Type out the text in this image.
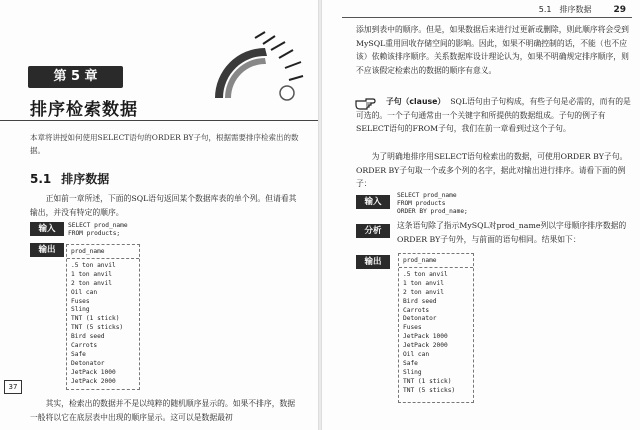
第 5 章
排序检索数据
本章将讲授如何使用SELECT语句的ORDER BY子句，根据需要排序检索出的数据。
5.1 排序数据
正如前一章所述，下面的SQL语句返回某个数据库表的单个列。但请看其输出，并没有特定的顺序。
输入	SELECT prod_name
FROM products;
输出	prod_name
.5 ton anvil
1 ton anvil
2 ton anvil
Oil can
Fuses
Sling
TNT (1 stick)
TNT (5 sticks)
Bird seed
Carrots
Safe
Detonator
JetPack 1000
JetPack 2000
37
其实，检索出的数据并不是以纯粹的随机顺序显示的。如果不排序，数据一般将以它在底层表中出现的顺序显示。这可以是数据最初
5.1 排序数据 29
添加到表中的顺序。但是，如果数据后来进行过更新或删除，则此顺序将会受到MySQL重用回收存储空间的影响。因此，如果不明确控制的话，不能（也不应该）依赖该排序顺序。关系数据库设计理论认为，如果不明确规定排序顺序，则不应该假定检索出的数据的顺序有意义。
子句（clause） SQL语句由子句构成，有些子句是必需的，而有的是可选的。一个子句通常由一个关键字和所提供的数据组成。子句的例子有SELECT语句的FROM子句，我们在前一章看到过这个子句。
为了明确地排序用SELECT语句检索出的数据，可使用ORDER BY子句。ORDER BY子句取一个或多个列的名字，据此对输出进行排序。请看下面的例子：
输入
SELECT prod_name
FROM products
ORDER BY prod_name;
分析
这条语句除了指示MySQL对prod_name列以字母顺序排序数据的ORDER BY子句外，与前面的语句相同。结果如下：
输出	prod_name
.5 ton anvil
1 ton anvil
2 ton anvil
Bird seed
Carrots
Detonator
Fuses
JetPack 1000
JetPack 2000
Oil can
Safe
Sling
TNT (1 stick)
TNT (5 sticks)
